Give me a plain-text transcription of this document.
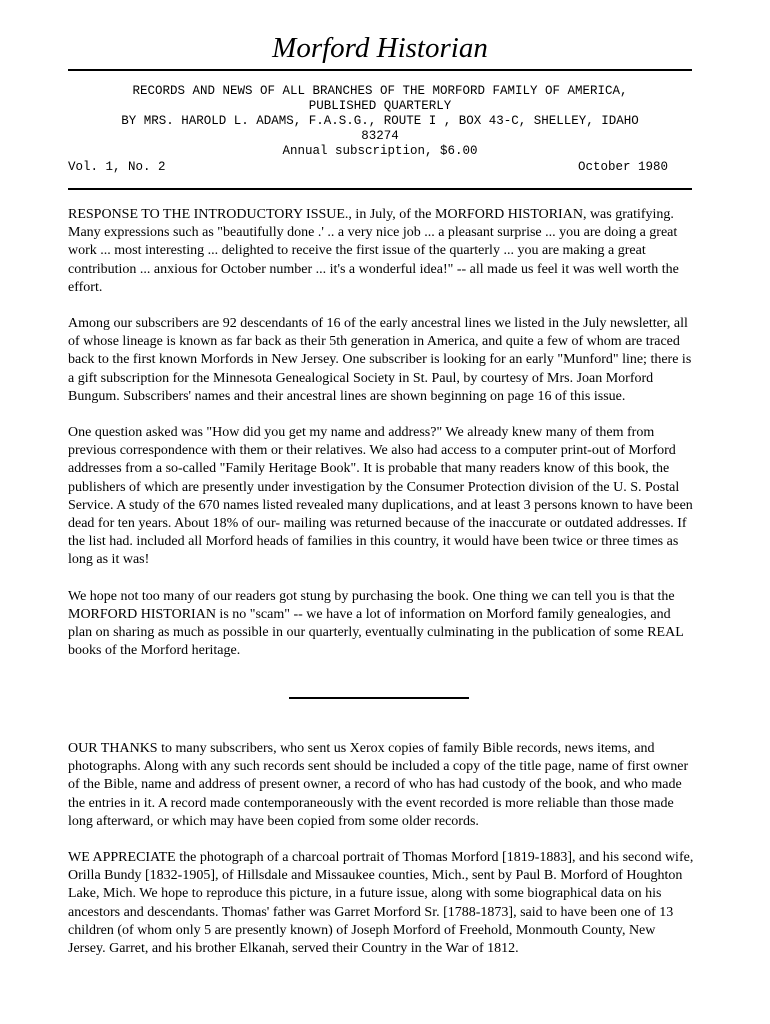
Morford Historian
RECORDS AND NEWS OF ALL BRANCHES OF THE MORFORD FAMILY OF AMERICA,
PUBLISHED QUARTERLY
BY MRS. HAROLD L. ADAMS, F.A.S.G., ROUTE I , BOX 43-C, SHELLEY, IDAHO
83274
Annual subscription, $6.00
Vol. 1, No. 2	October 1980

RESPONSE TO THE INTRODUCTORY ISSUE., in July, of the MORFORD HISTORIAN, was gratifying. Many expressions such as "beautifully done .' .. a very nice job ... a pleasant surprise ... you are doing a great work ... most interesting ... delighted to receive the first issue of the quarterly ... you are making a great contribution ... anxious for October number ... it's a wonderful idea!" -- all made us feel it was well worth the effort.

Among our subscribers are 92 descendants of 16 of the early ancestral lines we listed in the July newsletter, all of whose lineage is known as far back as their 5th generation in America, and quite a few of whom are traced back to the first known Morfords in New Jersey. One subscriber is looking for an early "Munford" line; there is a gift subscription for the Minnesota Genealogical Society in St. Paul, by courtesy of Mrs. Joan Morford Bungum. Subscribers' names and their ancestral lines are shown beginning on page 16 of this issue.

One question asked was "How did you get my name and address?" We already knew many of them from previous correspondence with them or their relatives. We also had access to a computer print-out of Morford addresses from a so-called "Family Heritage Book". It is probable that many readers know of this book, the publishers of which are presently under investigation by the Consumer Protection division of the U. S. Postal Service. A study of the 670 names listed revealed many duplications, and at least 3 persons known to have been dead for ten years. About 18% of our- mailing was returned because of the inaccurate or outdated addresses. If the list had. included all Morford heads of families in this country, it would have been twice or three times as long as it was!

We hope not too many of our readers got stung by purchasing the book. One thing we can tell you is that the MORFORD HISTORIAN is no "scam" -- we have a lot of information on Morford family genealogies, and plan on sharing as much as possible in our quarterly, eventually culminating in the publication of some REAL books of the Morford heritage.

OUR THANKS to many subscribers, who sent us Xerox copies of family Bible records, news items, and photographs. Along with any such records sent should be included a copy of the title page, name of first owner of the Bible, name and address of present owner, a record of who has had custody of the book, and who made the entries in it. A record made contemporaneously with the event recorded is more reliable than those made long afterward, or which may have been copied from some older records.

WE APPRECIATE the photograph of a charcoal portrait of Thomas Morford [1819-1883], and his second wife, Orilla Bundy [1832-1905], of Hillsdale and Missaukee counties, Mich., sent by Paul B. Morford of Houghton Lake, Mich. We hope to reproduce this picture, in a future issue, along with some biographical data on his ancestors and descendants. Thomas' father was Garret Morford Sr. [1788-1873], said to have been one of 13 children (of whom only 5 are presently known) of Joseph Morford of Freehold, Monmouth County, New Jersey. Garret, and his brother Elkanah, served their Country in the War of 1812.
